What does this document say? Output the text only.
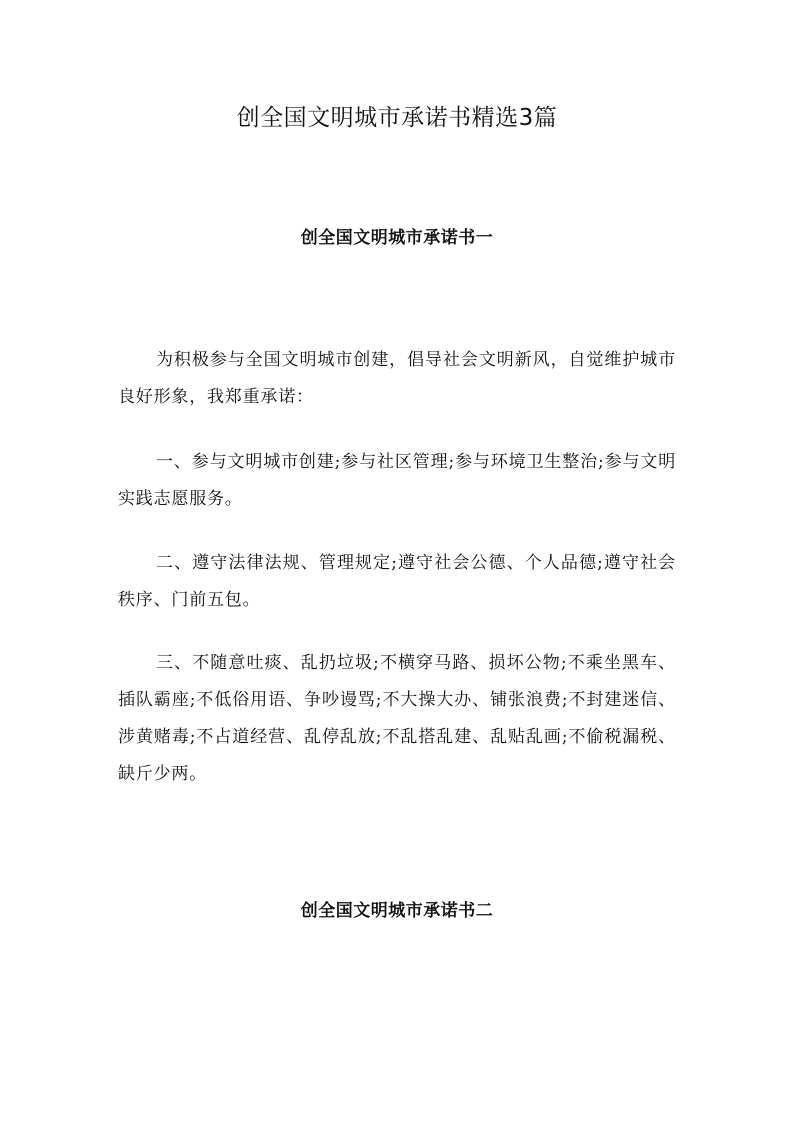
创全国文明城市承诺书精选3篇
创全国文明城市承诺书一

为积极参与全国文明城市创建，倡导社会文明新风，自觉维护城市良好形象，我郑重承诺：

一、参与文明城市创建;参与社区管理;参与环境卫生整治;参与文明实践志愿服务。

二、遵守法律法规、管理规定;遵守社会公德、个人品德;遵守社会秩序、门前五包。

三、不随意吐痰、乱扔垃圾;不横穿马路、损坏公物;不乘坐黑车、插队霸座;不低俗用语、争吵谩骂;不大操大办、铺张浪费;不封建迷信、涉黄赌毒;不占道经营、乱停乱放;不乱搭乱建、乱贴乱画;不偷税漏税、缺斤少两。

创全国文明城市承诺书二
